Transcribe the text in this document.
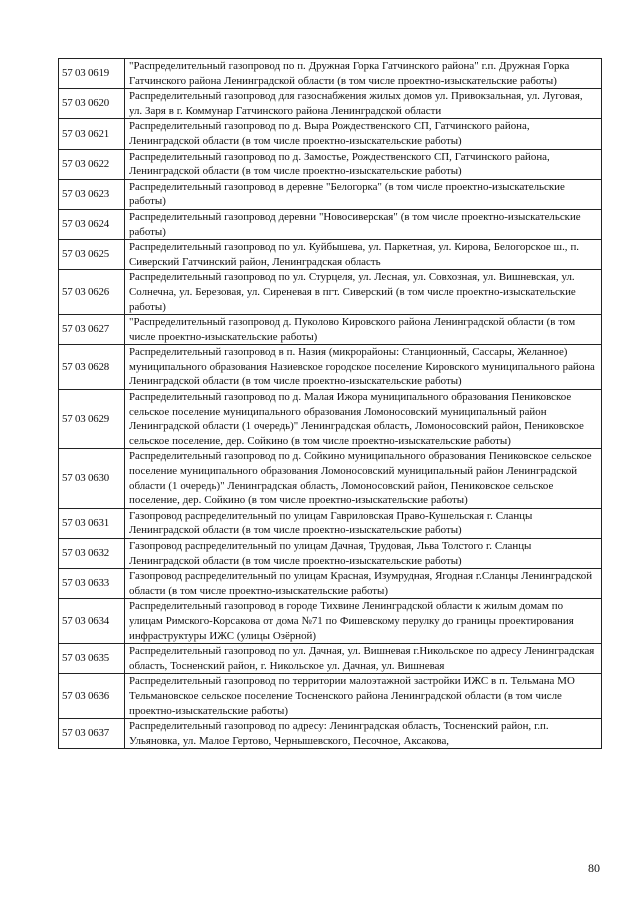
57 03 0619	"Распределительный газопровод по п. Дружная Горка Гатчинского района" г.п. Дружная Горка Гатчинского района Ленинградской области (в том числе проектно-изыскательские работы)
57 03 0620	Распределительный газопровод для газоснабжения жилых домов ул. Привокзальная, ул. Луговая, ул. Заря в г. Коммунар Гатчинского района Ленинградской области
57 03 0621	Распределительный газопровод по д. Выра Рождественского СП, Гатчинского района, Ленинградской области (в том числе проектно-изыскательские работы)
57 03 0622	Распределительный газопровод по д. Замостье, Рождественского СП, Гатчинского района, Ленинградской области (в том числе проектно-изыскательские работы)
57 03 0623	Распределительный газопровод в деревне "Белогорка" (в том числе проектно-изыскательские работы)
57 03 0624	Распределительный газопровод деревни "Новосиверская" (в том числе проектно-изыскательские работы)
57 03 0625	Распределительный газопровод по ул. Куйбышева, ул. Паркетная, ул. Кирова, Белогорское ш., п. Сиверский Гатчинский район, Ленинградская область
57 03 0626	Распределительный газопровод по ул. Стурцеля, ул. Лесная, ул. Совхозная, ул. Вишневская, ул. Солнечна, ул. Березовая, ул. Сиреневая в пгт. Сиверский (в том числе проектно-изыскательские работы)
57 03 0627	"Распределительный газопровод д. Пуколово Кировского района Ленинградской области (в том числе проектно-изыскательские работы)
57 03 0628	Распределительный газопровод в п. Назия (микрорайоны: Станционный, Сассары, Желанное) муниципального образования Назиевское городское поселение Кировского муниципального района Ленинградской области (в том числе проектно-изыскательские работы)
57 03 0629	Распределительный газопровод по д. Малая Ижора муниципального образования Пениковское сельское поселение муниципального образования Ломоносовский муниципальный район Ленинградской области (1 очередь)" Ленинградская область, Ломоносовский район, Пениковское сельское поселение, дер. Сойкино (в том числе проектно-изыскательские работы)
57 03 0630	Распределительный газопровод по д. Сойкино муниципального образования Пениковское сельское поселение муниципального образования Ломоносовский муниципальный район Ленинградской области (1 очередь)" Ленинградская область, Ломоносовский район, Пениковское сельское поселение, дер. Сойкино (в том числе проектно-изыскательские работы)
57 03 0631	Газопровод распределительный по улицам Гавриловская Право-Кушельская г. Сланцы Ленинградской области (в том числе проектно-изыскательские работы)
57 03 0632	Газопровод распределительный по улицам Дачная, Трудовая, Льва Толстого г. Сланцы Ленинградской области (в том числе проектно-изыскательские работы)
57 03 0633	Газопровод распределительный по улицам Красная, Изумрудная, Ягодная г.Сланцы Ленинградской области (в том числе проектно-изыскательские работы)
57 03 0634	Распределительный газопровод в городе Тихвине Ленинградской области к жилым домам по улицам Римского-Корсакова от дома №71 по Фишевскому перулку до границы проектирования инфраструктуры ИЖС (улицы Озёрной)
57 03 0635	Распределительный газопровод по ул. Дачная, ул. Вишневая г.Никольское по адресу Ленинградская область, Тосненский район, г. Никольское ул. Дачная, ул. Вишневая
57 03 0636	Распределительный газопровод по территории малоэтажной застройки ИЖС в п. Тельмана МО Тельмановское сельское поселение Тосненского района Ленинградской области (в том числе проектно-изыскательские работы)
57 03 0637	Распределительный газопровод по адресу: Ленинградская область, Тосненский район, г.п. Ульяновка, ул. Малое Гертово, Чернышевского, Песочное, Аксакова,
80
